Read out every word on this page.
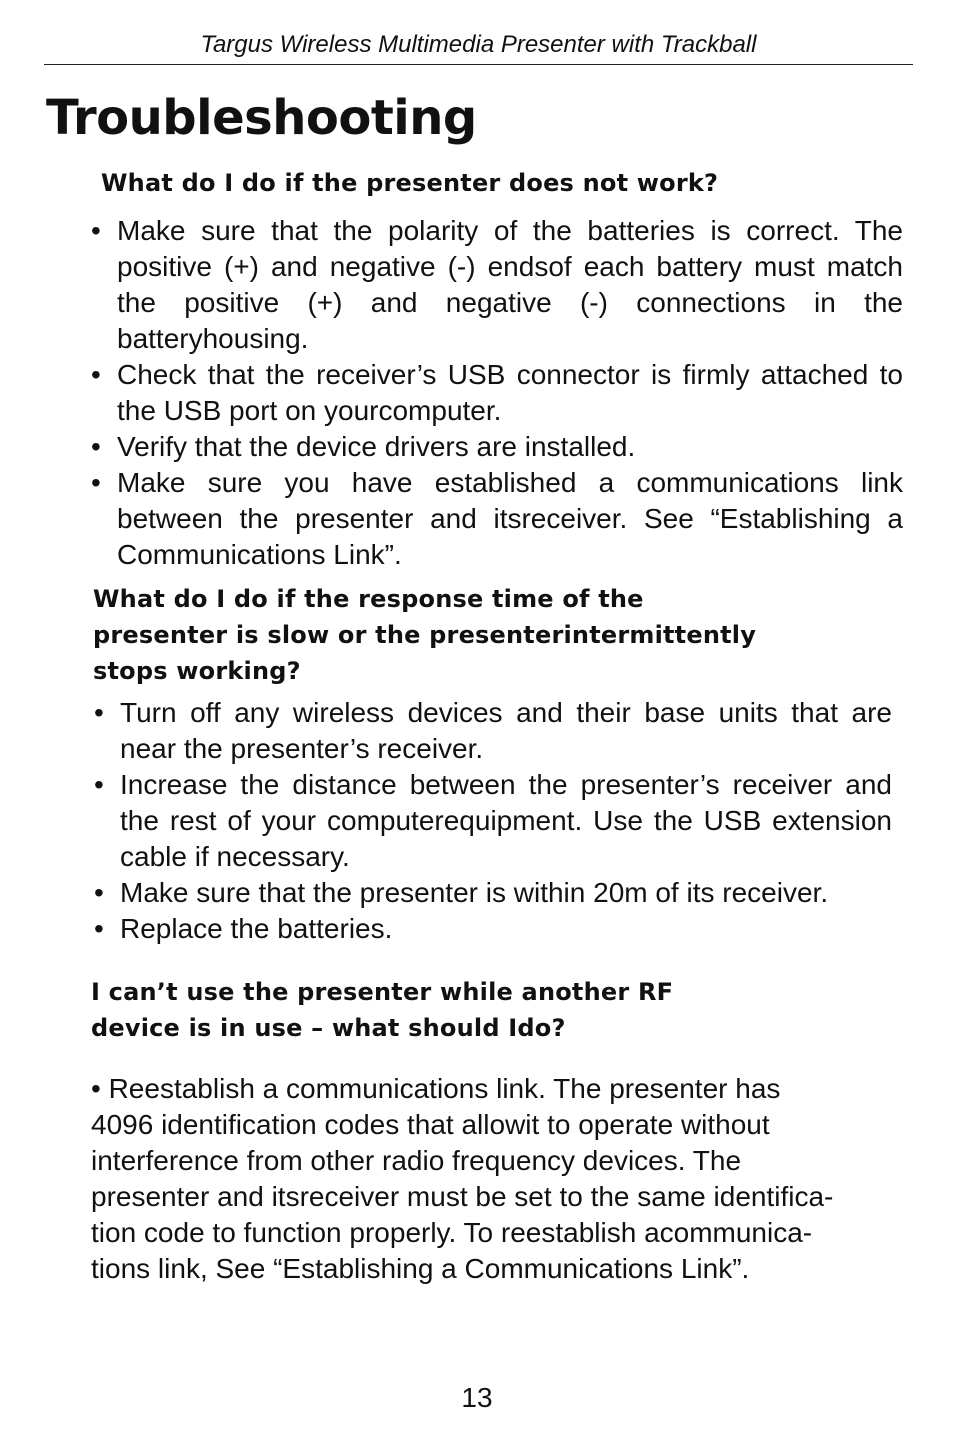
Targus Wireless Multimedia Presenter with Trackball
Troubleshooting
What do I do if the presenter does not work?
• Make sure that the polarity of the batteries is correct. The positive (+) and negative (-) endsof each battery must match the positive (+) and negative (-) connections in the batteryhousing.
• Check that the receiver’s USB connector is firmly attached to the USB port on yourcomputer.
• Verify that the device drivers are installed.
• Make sure you have established a communications link between the presenter and itsreceiver. See “Establishing a Communications Link”.
What do I do if the response time of the
presenter is slow or the presenterintermittently
stops working?
• Turn off any wireless devices and their base units that are near the presenter’s receiver.
• Increase the distance between the presenter’s receiver and the rest of your computerequipment. Use the USB extension cable if necessary.
• Make sure that the presenter is within 20m of its receiver.
• Replace the batteries.
I can’t use the presenter while another RF
device is in use – what should Ido?
• Reestablish a communications link. The presenter has
4096 identification codes that allowit to operate without
interference from other radio frequency devices. The
presenter and itsreceiver must be set to the same identifica-
tion code to function properly. To reestablish acommunica-
tions link, See “Establishing a Communications Link”.
13
